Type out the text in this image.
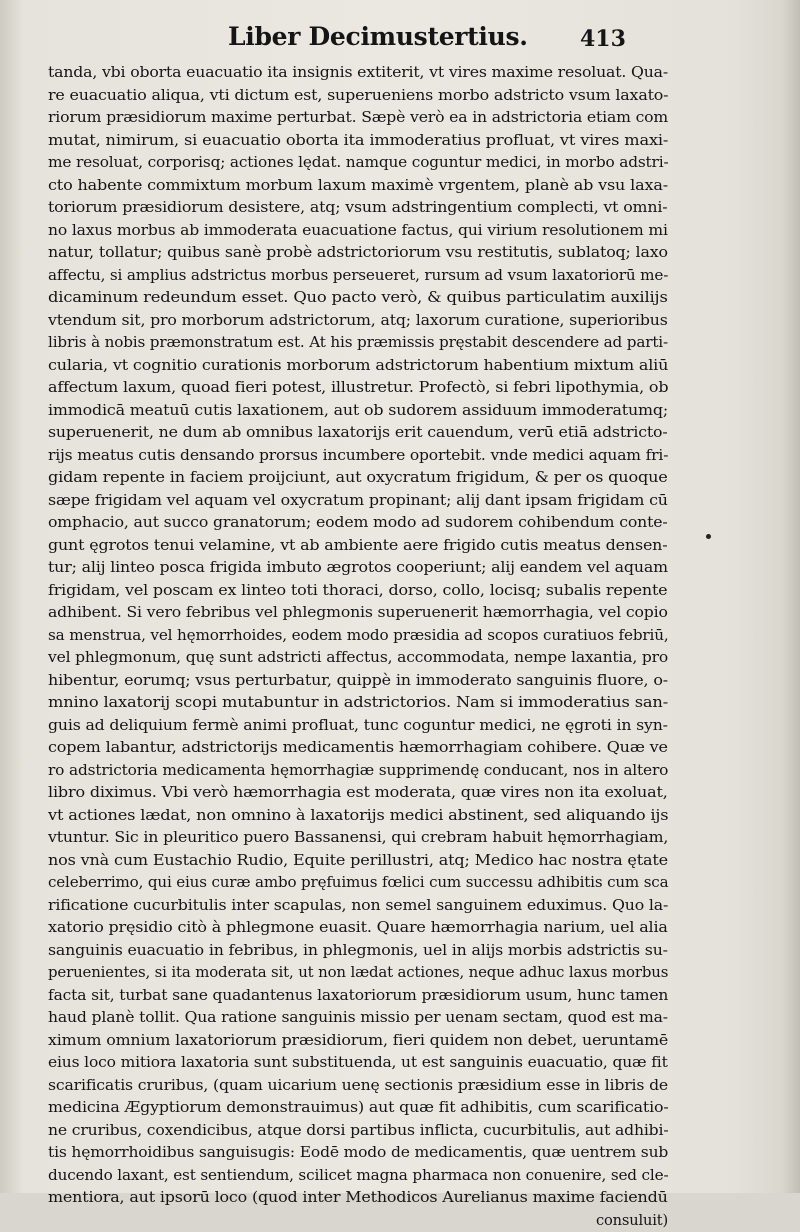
Liber Decimustertius. 413
tanda, vbi oborta euacuatio ita insignis extiterit, vt vires maxime resoluat. Qua-
re euacuatio aliqua, vti dictum est, superueniens morbo adstricto vsum laxato-
riorum præsidiorum maxime perturbat. Sæpè verò ea in adstrictoria etiam com
mutat, nimirum, si euacuatio oborta ita immoderatius profluat, vt vires maxi-
me resoluat, corporisq; actiones lędat. namque coguntur medici, in morbo adstri-
cto habente commixtum morbum laxum maximè vrgentem, planè ab vsu laxa-
toriorum præsidiorum desistere, atq; vsum adstringentium complecti, vt omni-
no laxus morbus ab immoderata euacuatione factus, qui virium resolutionem mi
natur, tollatur; quibus sanè probè adstrictoriorum vsu restitutis, sublatoq; laxo
affectu, si amplius adstrictus morbus perseueret, rursum ad vsum laxatoriorū me-
dicaminum redeundum esset. Quo pacto verò, & quibus particulatim auxilijs
vtendum sit, pro morborum adstrictorum, atq; laxorum curatione, superioribus
libris à nobis præmonstratum est. At his præmissis pręstabit descendere ad parti-
cularia, vt cognitio curationis morborum adstrictorum habentium mixtum aliū
affectum laxum, quoad fieri potest, illustretur. Profectò, si febri lipothymia, ob
immodicā meatuū cutis laxationem, aut ob sudorem assiduum immoderatumq;
superuenerit, ne dum ab omnibus laxatorijs erit cauendum, verū etiā adstricto-
rijs meatus cutis densando prorsus incumbere oportebit. vnde medici aquam fri-
gidam repente in faciem proijciunt, aut oxycratum frigidum, & per os quoque
sæpe frigidam vel aquam vel oxycratum propinant; alij dant ipsam frigidam cū
omphacio, aut succo granatorum; eodem modo ad sudorem cohibendum conte-
gunt ęgrotos tenui velamine, vt ab ambiente aere frigido cutis meatus densen-
tur; alij linteo posca frigida imbuto ægrotos cooperiunt; alij eandem vel aquam
frigidam, vel poscam ex linteo toti thoraci, dorso, collo, locisq; subalis repente
adhibent. Si vero febribus vel phlegmonis superuenerit hæmorrhagia, vel copio
sa menstrua, vel hęmorrhoides, eodem modo præsidia ad scopos curatiuos febriū,
vel phlegmonum, quę sunt adstricti affectus, accommodata, nempe laxantia, pro
hibentur, eorumq; vsus perturbatur, quippè in immoderato sanguinis fluore, o-
mnino laxatorij scopi mutabuntur in adstrictorios. Nam si immoderatius san-
guis ad deliquium fermè animi profluat, tunc coguntur medici, ne ęgroti in syn-
copem labantur, adstrictorijs medicamentis hæmorrhagiam cohibere. Quæ ve
ro adstrictoria medicamenta hęmorrhagiæ supprimendę conducant, nos in altero
libro diximus. Vbi verò hæmorrhagia est moderata, quæ vires non ita exoluat,
vt actiones lædat, non omnino à laxatorijs medici abstinent, sed aliquando ijs
vtuntur. Sic in pleuritico puero Bassanensi, qui crebram habuit hęmorrhagiam,
nos vnà cum Eustachio Rudio, Equite perillustri, atq; Medico hac nostra ętate
celeberrimo, qui eius curæ ambo pręfuimus fœlici cum successu adhibitis cum sca
rificatione cucurbitulis inter scapulas, non semel sanguinem eduximus. Quo la-
xatorio pręsidio citò à phlegmone euasit. Quare hæmorrhagia narium, uel alia
sanguinis euacuatio in febribus, in phlegmonis, uel in alijs morbis adstrictis su-
peruenientes, si ita moderata sit, ut non lædat actiones, neque adhuc laxus morbus
facta sit, turbat sane quadantenus laxatoriorum præsidiorum usum, hunc tamen
haud planè tollit. Qua ratione sanguinis missio per uenam sectam, quod est ma-
ximum omnium laxatoriorum præsidiorum, fieri quidem non debet, ueruntamē
eius loco mitiora laxatoria sunt substituenda, ut est sanguinis euacuatio, quæ fit
scarificatis cruribus, (quam uicarium uenę sectionis præsidium esse in libris de
medicina Ægyptiorum demonstrauimus) aut quæ fit adhibitis, cum scarificatio-
ne cruribus, coxendicibus, atque dorsi partibus inflicta, cucurbitulis, aut adhibi-
tis hęmorrhoidibus sanguisugis: Eodē modo de medicamentis, quæ uentrem sub
ducendo laxant, est sentiendum, scilicet magna pharmaca non conuenire, sed cle-
mentiora, aut ipsorū loco (quod inter Methodicos Aurelianus maxime faciendū
consuluit)
